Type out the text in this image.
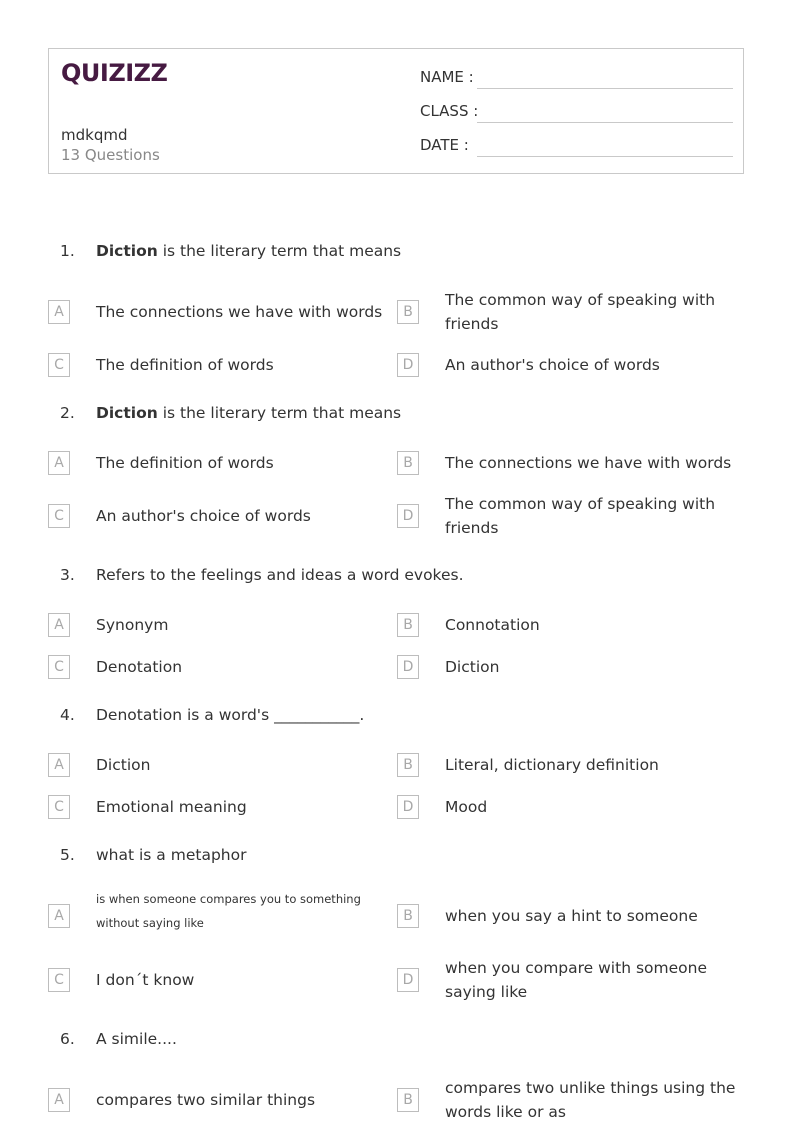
QUIZIZZ
mdkqmd
13 Questions
NAME :
CLASS :
DATE :
1.	Diction is the literary term that means
A	The connections we have with words	B
The common way of speaking with friends
C	The definition of words	D	An author's choice of words
2.	Diction is the literary term that means
A	The definition of words	B	The connections we have with words
C	An author's choice of words	D
The common way of speaking with friends
3.	Refers to the feelings and ideas a word evokes.
A	Synonym	B	Connotation
C	Denotation	D	Diction
4.	Denotation is a word's ___________.
A	Diction	B	Literal, dictionary definition
C	Emotional meaning	D	Mood
5.	what is a metaphor
A
is when someone compares you to something without saying like	B	when you say a hint to someone
C	I don´t know	D
when you compare with someone saying like
6.	A simile....
A	compares two similar things	B
compares two unlike things using the words like or as
